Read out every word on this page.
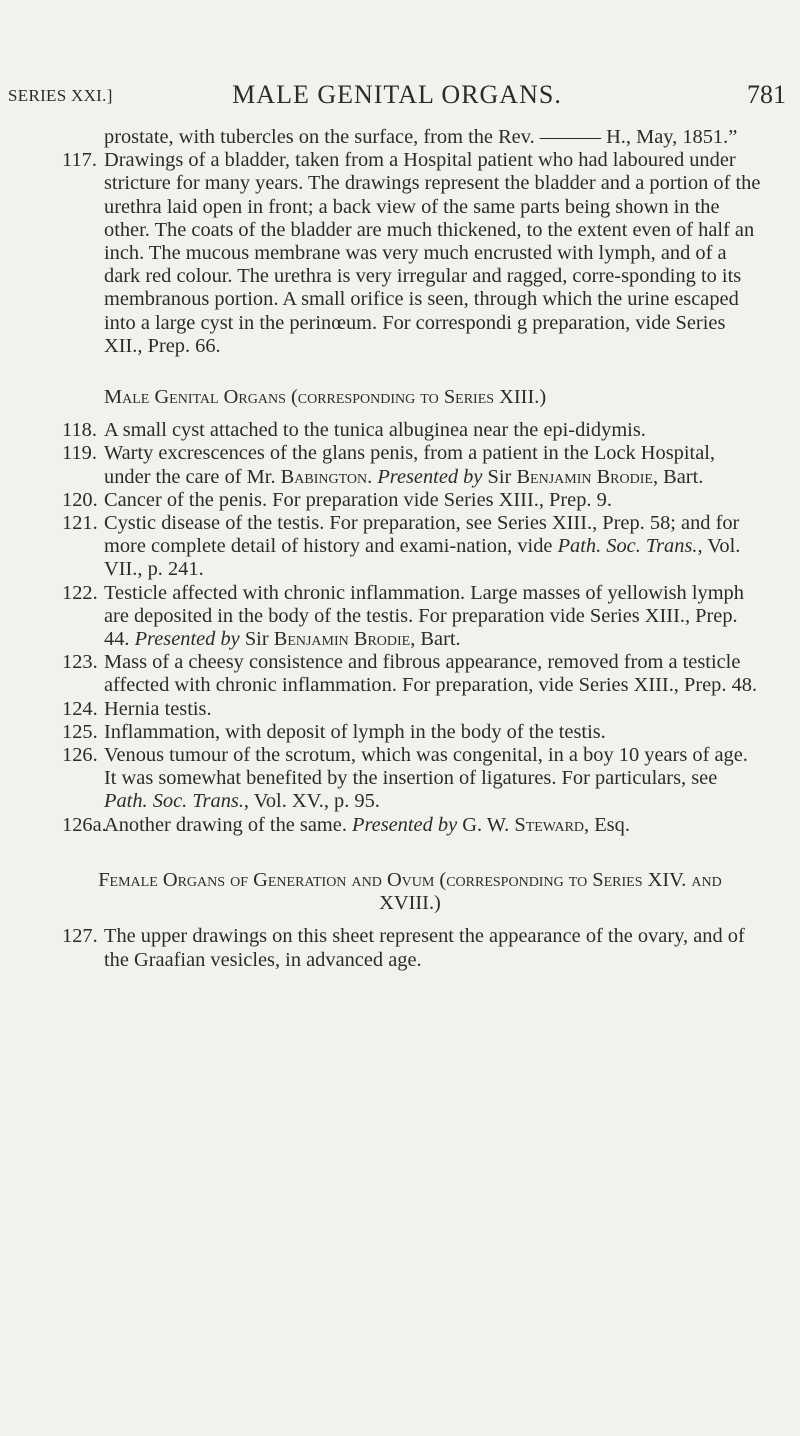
SERIES XXI.]	MALE GENITAL ORGANS.	781
prostate, with tubercles on the surface, from the Rev. ——— H., May, 1851.”
117. Drawings of a bladder, taken from a Hospital patient who had laboured under stricture for many years. The drawings represent the bladder and a portion of the urethra laid open in front; a back view of the same parts being shown in the other. The coats of the bladder are much thickened, to the extent even of half an inch. The mucous membrane was very much encrusted with lymph, and of a dark red colour. The urethra is very irregular and ragged, corre-sponding to its membranous portion. A small orifice is seen, through which the urine escaped into a large cyst in the perinœum. For correspondi g preparation, vide Series XII., Prep. 66.
Male Genital Organs (corresponding to Series XIII.)
118. A small cyst attached to the tunica albuginea near the epi-didymis.
119. Warty excrescences of the glans penis, from a patient in the Lock Hospital, under the care of Mr. Babington. Presented by Sir Benjamin Brodie, Bart.
120. Cancer of the penis. For preparation vide Series XIII., Prep. 9.
121. Cystic disease of the testis. For preparation, see Series XIII., Prep. 58; and for more complete detail of history and exami-nation, vide Path. Soc. Trans., Vol. VII., p. 241.
122. Testicle affected with chronic inflammation. Large masses of yellowish lymph are deposited in the body of the testis. For preparation vide Series XIII., Prep. 44. Presented by Sir Benjamin Brodie, Bart.
123. Mass of a cheesy consistence and fibrous appearance, removed from a testicle affected with chronic inflammation. For preparation, vide Series XIII., Prep. 48.
124. Hernia testis.
125. Inflammation, with deposit of lymph in the body of the testis.
126. Venous tumour of the scrotum, which was congenital, in a boy 10 years of age. It was somewhat benefited by the insertion of ligatures. For particulars, see Path. Soc. Trans., Vol. XV., p. 95.
126a.
Another drawing of the same. Presented by G. W. Steward, Esq.
Female Organs of Generation and Ovum (corresponding to Series XIV. and XVIII.)
127. The upper drawings on this sheet represent the appearance of the ovary, and of the Graafian vesicles, in advanced age.
